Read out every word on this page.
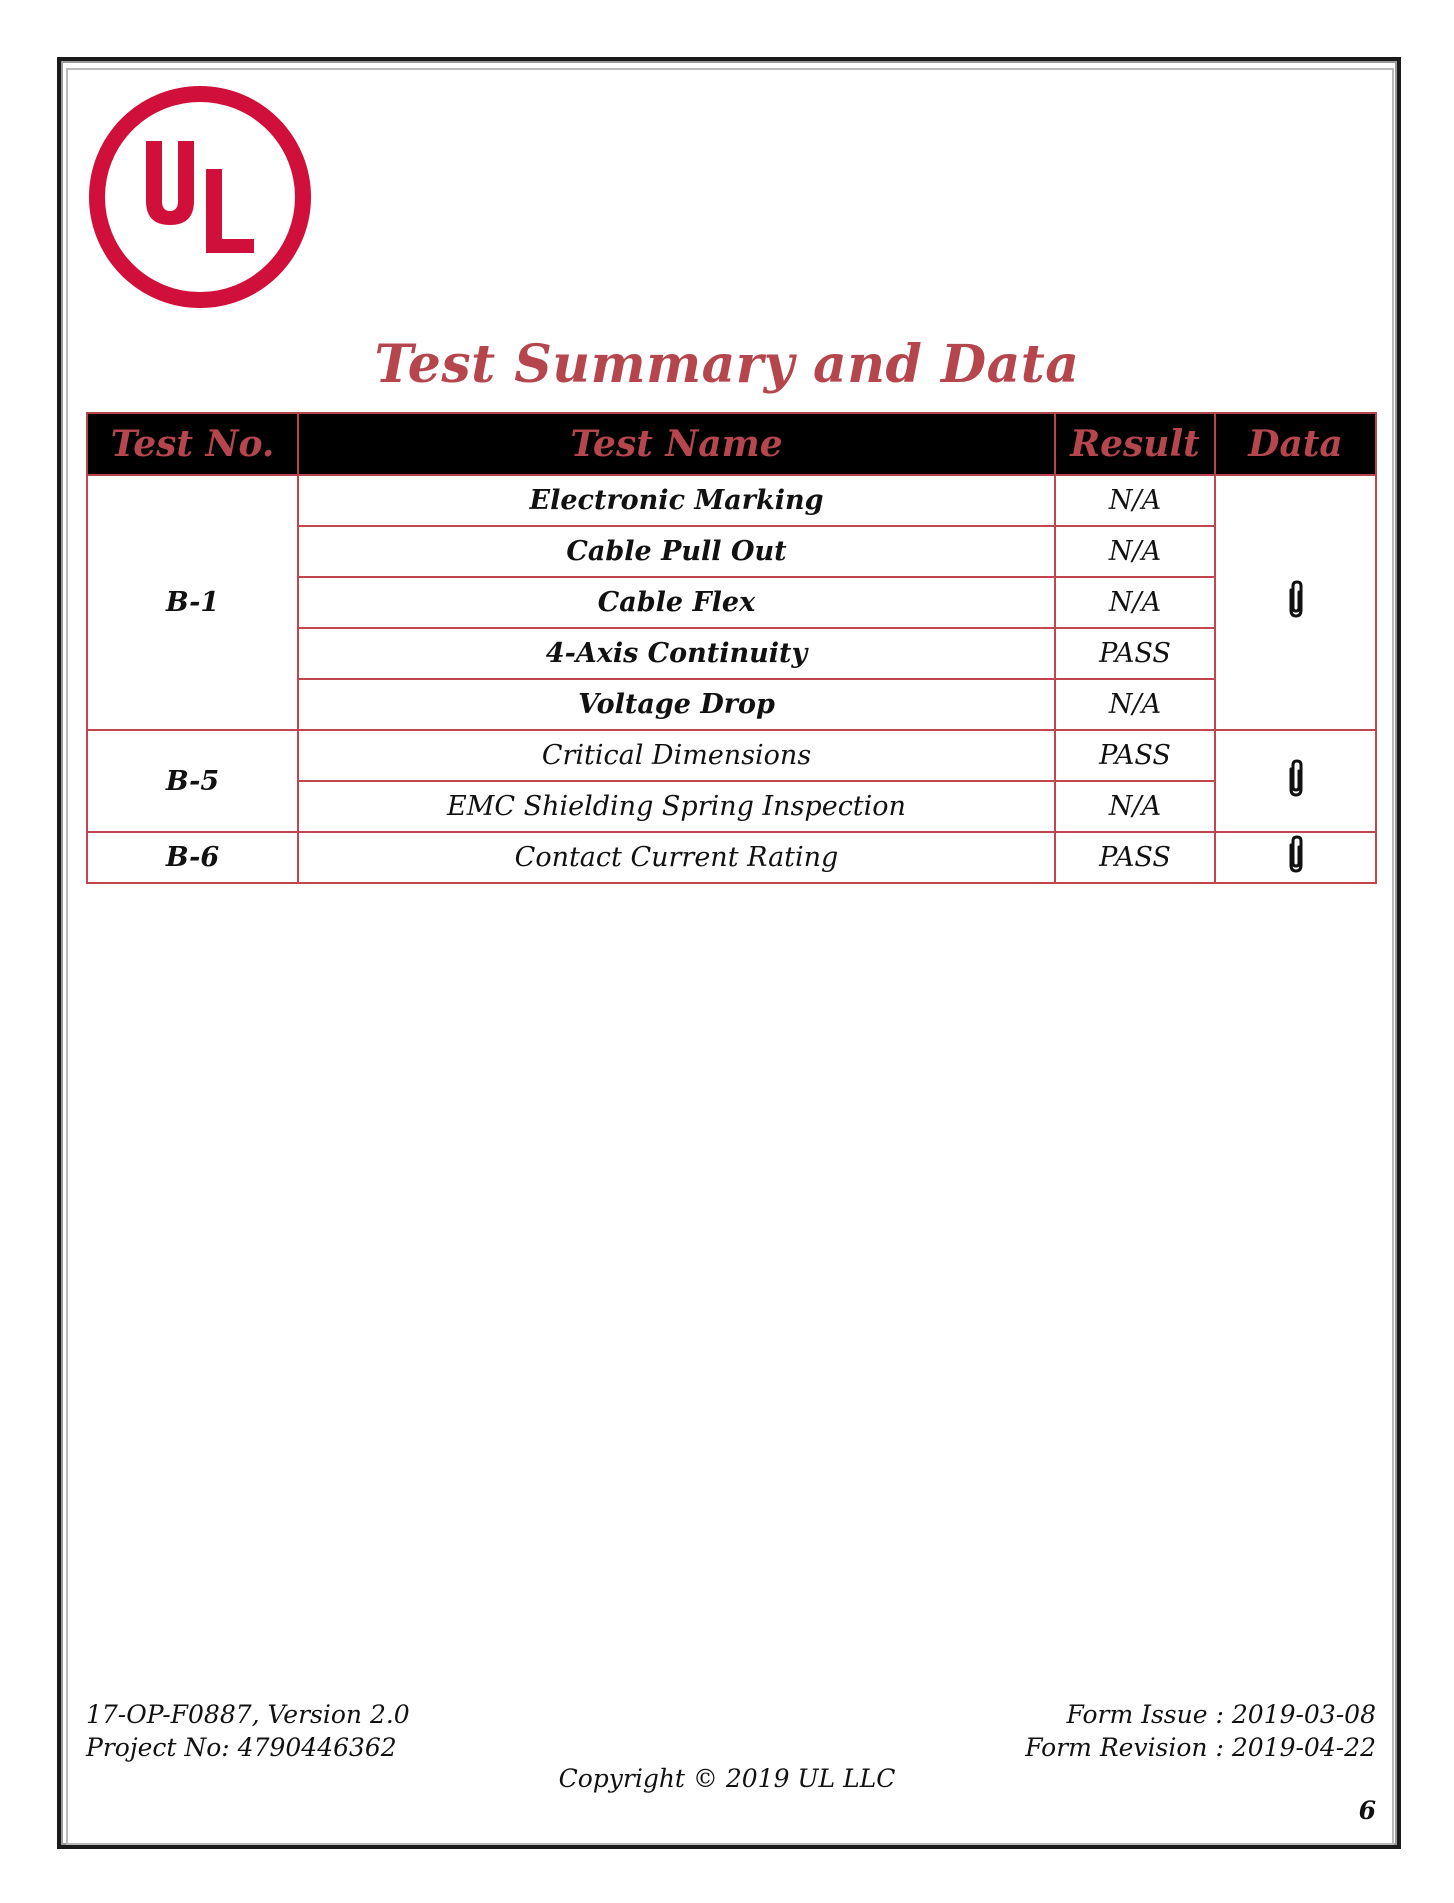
Test Summary and Data
Test No.	Test Name	Result	Data
B-1	Electronic Marking	N/A	
	Cable Pull Out	N/A	
	Cable Flex	N/A	
	4-Axis Continuity	PASS	
	Voltage Drop	N/A	
B-5	Critical Dimensions	PASS	
	EMC Shielding Spring Inspection	N/A	
B-6	Contact Current Rating	PASS	
17-OP-F0887, Version 2.0
Project No: 4790446362
Form Issue : 2019-03-08
Form Revision : 2019-04-22
Copyright © 2019 UL LLC
6
